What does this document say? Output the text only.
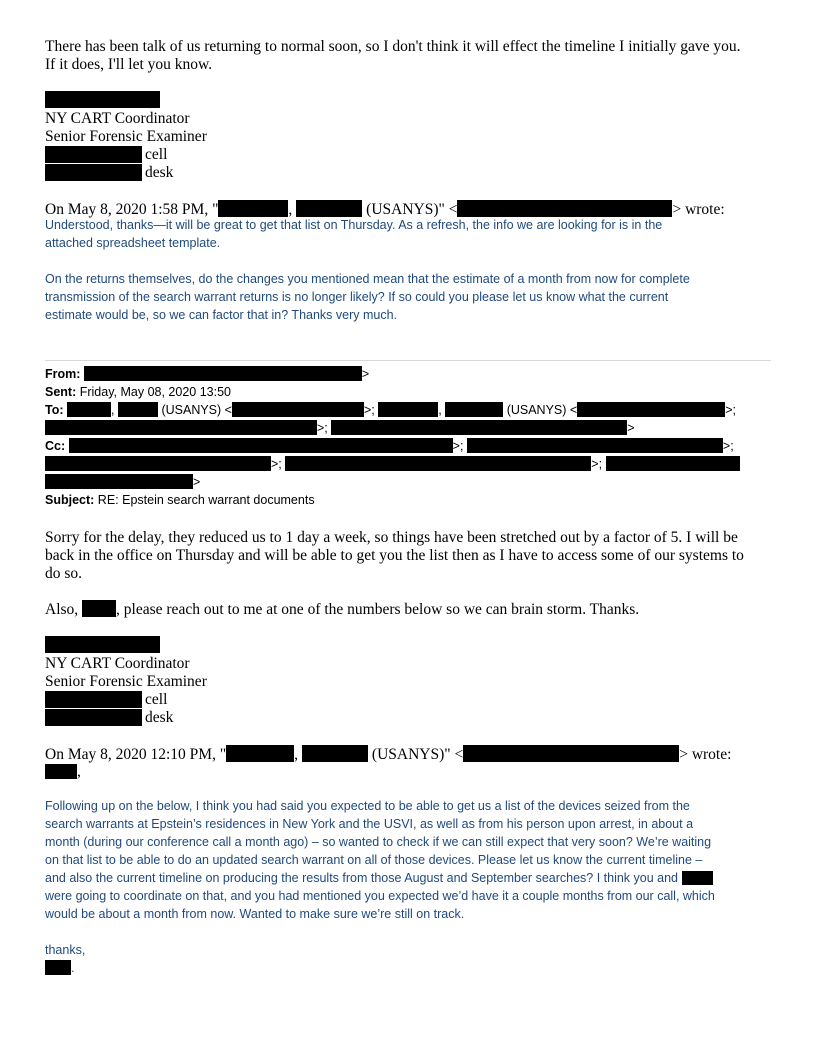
There has been talk of us returning to normal soon, so I don't think it will effect the timeline I initially gave you.
If it does, I'll let you know.
NY CART Coordinator
Senior Forensic Examiner
cell
desk
On May 8, 2020 1:58 PM, "	,	(USANYS)" <	> wrote:
Understood, thanks—it will be great to get that list on Thursday. As a refresh, the info we are looking for is in the
attached spreadsheet template.
On the returns themselves, do the changes you mentioned mean that the estimate of a month from now for complete
transmission of the search warrant returns is no longer likely? If so could you please let us know what the current
estimate would be, so we can factor that in? Thanks very much.
From:	>
Sent: Friday, May 08, 2020 13:50
To:	,	(USANYS) <	>;	,	(USANYS) <	>;
>;	>
Cc:	>;	>;
>;	>;
>
Subject: RE: Epstein search warrant documents
Sorry for the delay, they reduced us to 1 day a week, so things have been stretched out by a factor of 5. I will be
back in the office on Thursday and will be able to get you the list then as I have to access some of our systems to
do so.
Also, , please reach out to me at one of the numbers below so we can brain storm. Thanks.
NY CART Coordinator
Senior Forensic Examiner
cell
desk
On May 8, 2020 12:10 PM, "	,	(USANYS)" <	> wrote:
,
Following up on the below, I think you had said you expected to be able to get us a list of the devices seized from the
search warrants at Epstein’s residences in New York and the USVI, as well as from his person upon arrest, in about a
month (during our conference call a month ago) – so wanted to check if we can still expect that very soon? We’re waiting
on that list to be able to do an updated search warrant on all of those devices. Please let us know the current timeline –
and also the current timeline on producing the results from those August and September searches? I think you and
were going to coordinate on that, and you had mentioned you expected we’d have it a couple months from our call, which
would be about a month from now. Wanted to make sure we’re still on track.
thanks,
.
